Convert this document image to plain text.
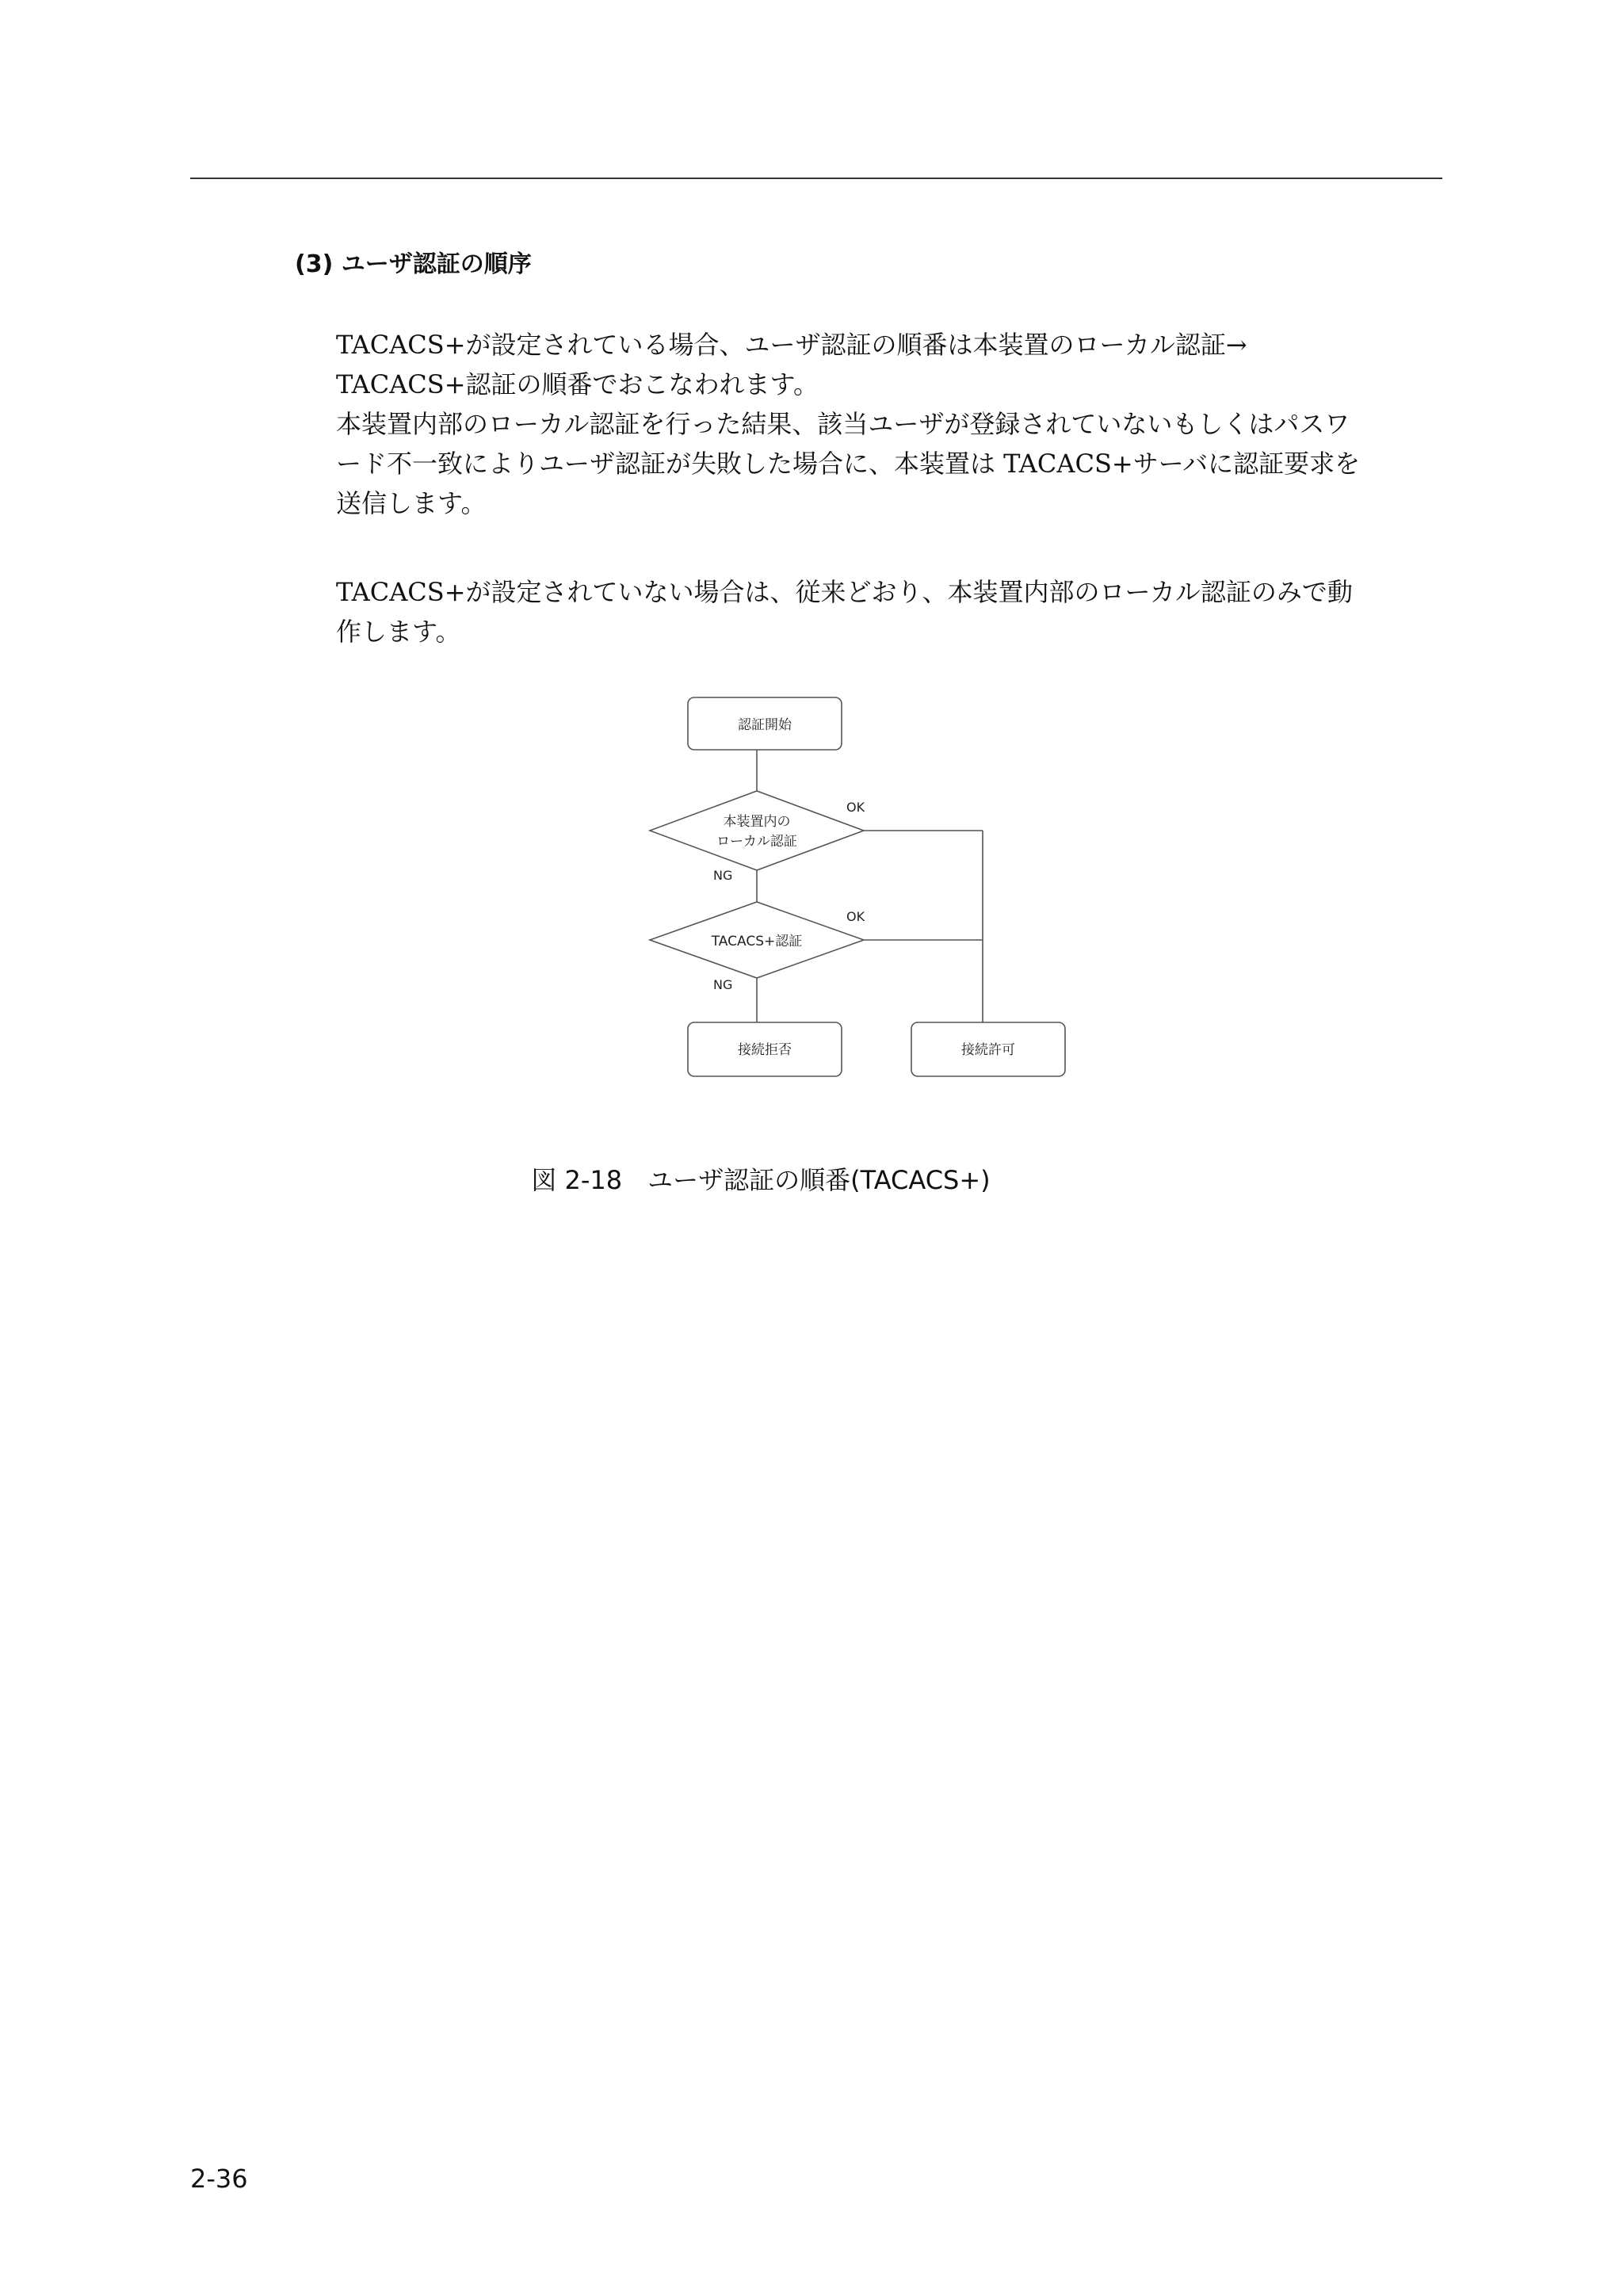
(3) ユーザ認証の順序

TACACS+が設定されている場合、ユーザ認証の順番は本装置のローカル認証→

TACACS+認証の順番でおこなわれます。

本装置内部のローカル認証を行った結果、該当ユーザが登録されていないもしくはパスワ

ード不一致によりユーザ認証が失敗した場合に、本装置は TACACS+サーバに認証要求を

送信します。

TACACS+が設定されていない場合は、従来どおり、本装置内部のローカル認証のみで動

作します。

認証開始
本装置内の
ローカル認証
TACACS+認証
接続拒否	接続許可
OK
NG
OK
NG
図 2-18　ユーザ認証の順番(TACACS+)
2-36
